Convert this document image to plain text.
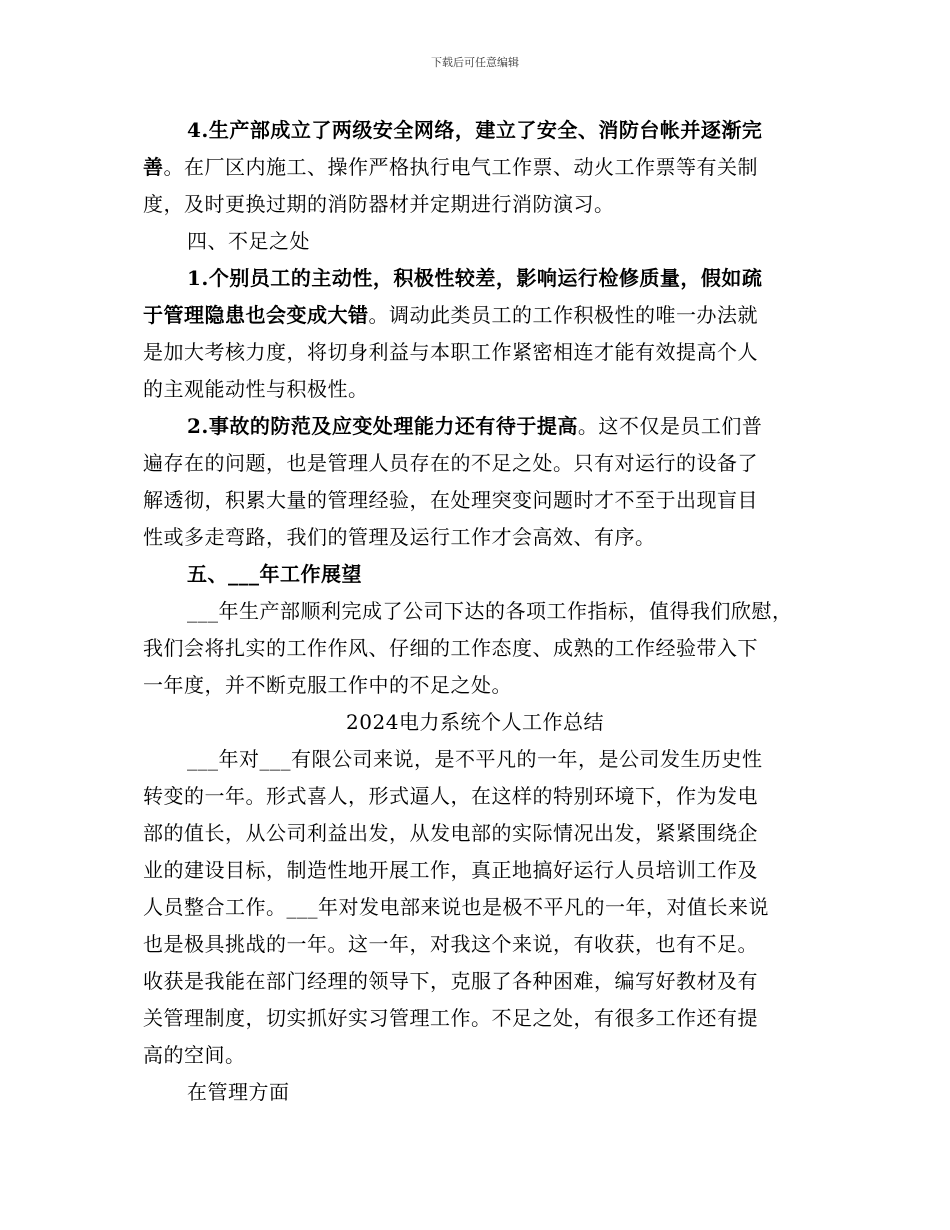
下载后可任意编辑
4.生产部成立了两级安全网络，建立了安全、消防台帐并逐渐完
善。在厂区内施工、操作严格执行电气工作票、动火工作票等有关制
度，及时更换过期的消防器材并定期进行消防演习。
四、不足之处
1.个别员工的主动性，积极性较差，影响运行检修质量，假如疏
于管理隐患也会变成大错。调动此类员工的工作积极性的唯一办法就
是加大考核力度，将切身利益与本职工作紧密相连才能有效提高个人
的主观能动性与积极性。
2.事故的防范及应变处理能力还有待于提高。这不仅是员工们普
遍存在的问题，也是管理人员存在的不足之处。只有对运行的设备了
解透彻，积累大量的管理经验，在处理突变问题时才不至于出现盲目
性或多走弯路，我们的管理及运行工作才会高效、有序。
五、___年工作展望
___年生产部顺利完成了公司下达的各项工作指标，值得我们欣慰，
我们会将扎实的工作作风、仔细的工作态度、成熟的工作经验带入下
一年度，并不断克服工作中的不足之处。
2024电力系统个人工作总结
___年对___有限公司来说，是不平凡的一年，是公司发生历史性
转变的一年。形式喜人，形式逼人，在这样的特别环境下，作为发电
部的值长，从公司利益出发，从发电部的实际情况出发，紧紧围绕企
业的建设目标，制造性地开展工作，真正地搞好运行人员培训工作及
人员整合工作。___年对发电部来说也是极不平凡的一年，对值长来说
也是极具挑战的一年。这一年，对我这个来说，有收获，也有不足。
收获是我能在部门经理的领导下，克服了各种困难，编写好教材及有
关管理制度，切实抓好实习管理工作。不足之处，有很多工作还有提
高的空间。
在管理方面
